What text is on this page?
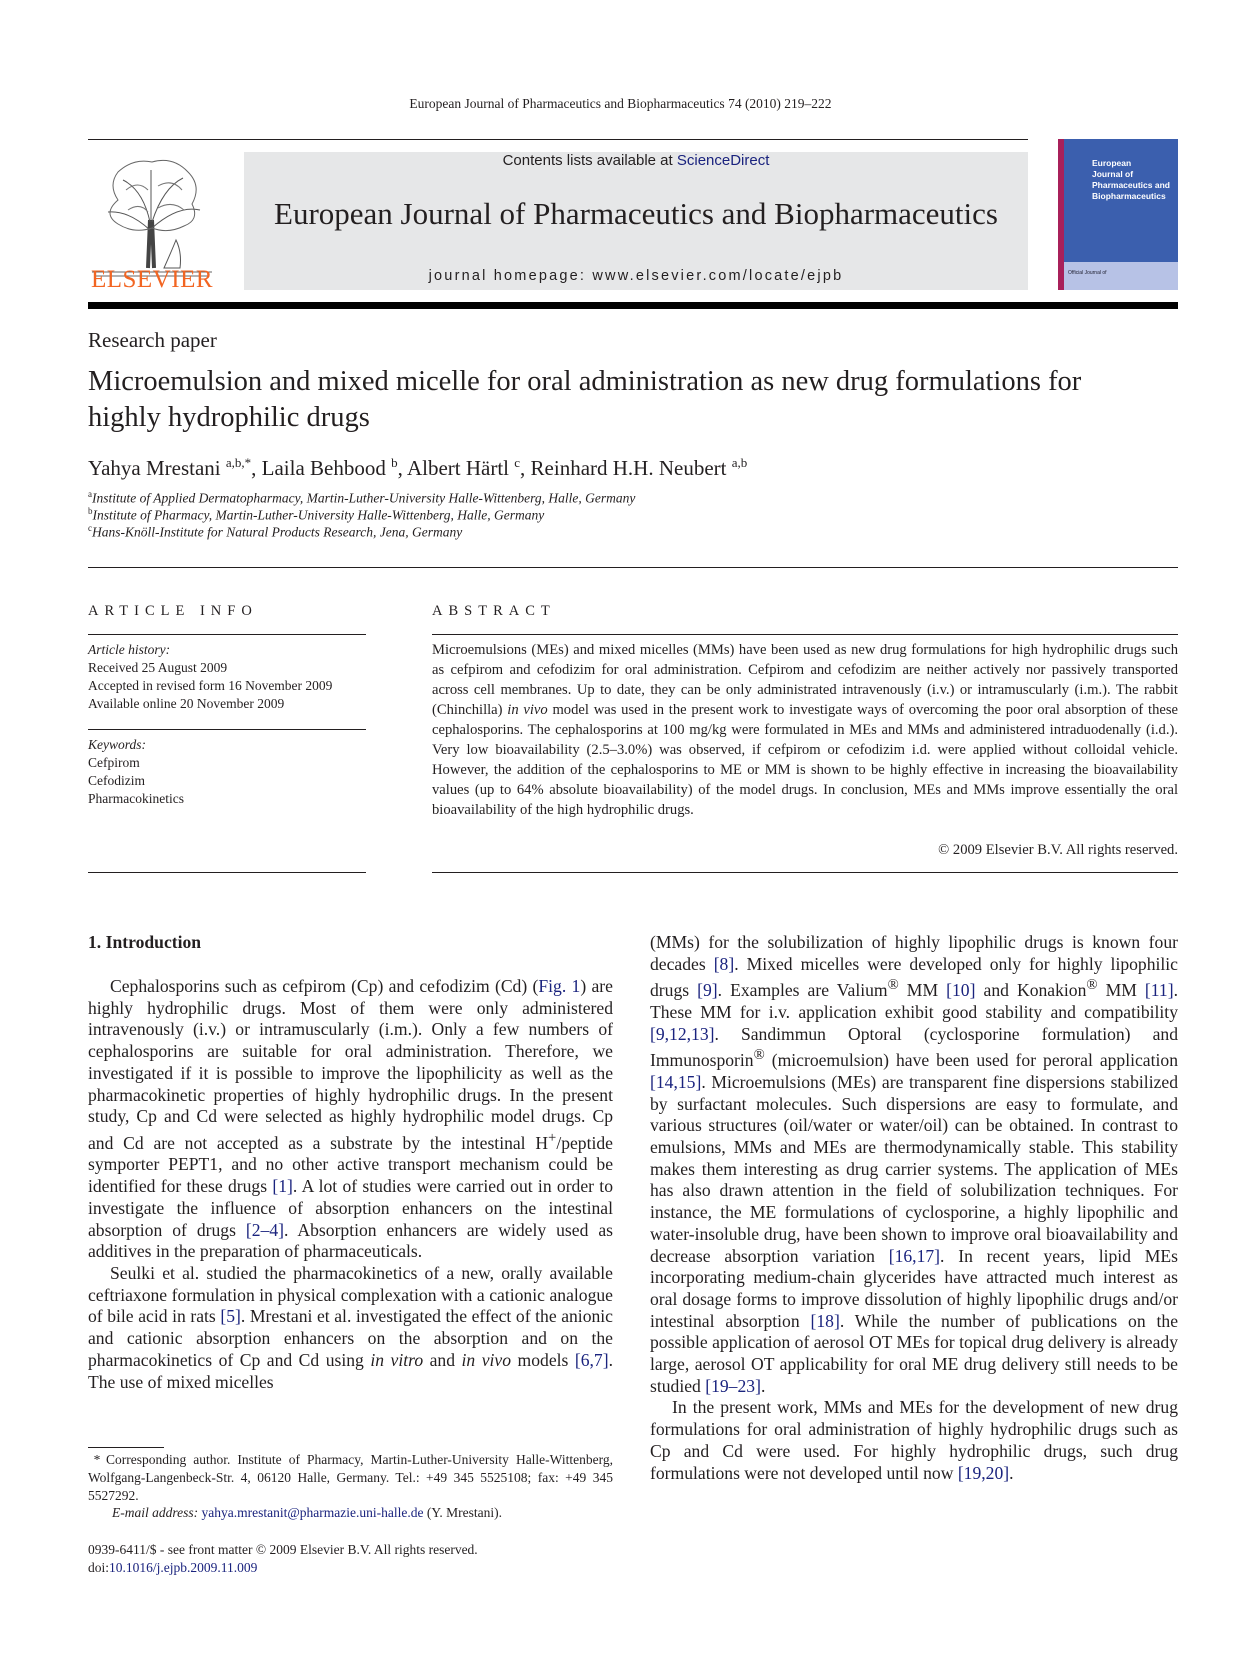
European Journal of Pharmaceutics and Biopharmaceutics 74 (2010) 219–222
ELSEVIER
Contents lists available at ScienceDirect
European Journal of Pharmaceutics and Biopharmaceutics
journal homepage: www.elsevier.com/locate/ejpb
European
Journal of
Pharmaceutics and
Biopharmaceutics
Official Journal of
Research paper
Microemulsion and mixed micelle for oral administration as new drug formulations for highly hydrophilic drugs
Yahya Mrestani $^{a,b,*}$, Laila Behbood $^b$, Albert Härtl $^c$, Reinhard H.H. Neubert $^{a,b}$
$^a$Institute of Applied Dermatopharmacy, Martin-Luther-University Halle-Wittenberg, Halle, Germany
$^b$Institute of Pharmacy, Martin-Luther-University Halle-Wittenberg, Halle, Germany
$^c$Hans-Knöll-Institute for Natural Products Research, Jena, Germany
ARTICLE INFO
Article history:
Received 25 August 2009
Accepted in revised form 16 November 2009
Available online 20 November 2009
Keywords:
Cefpirom
Cefodizim
Pharmacokinetics
ABSTRACT
Microemulsions (MEs) and mixed micelles (MMs) have been used as new drug formulations for high hydrophilic drugs such as cefpirom and cefodizim for oral administration. Cefpirom and cefodizim are neither actively nor passively transported across cell membranes. Up to date, they can be only administrated intravenously (i.v.) or intramuscularly (i.m.). The rabbit (Chinchilla) in vivo model was used in the present work to investigate ways of overcoming the poor oral absorption of these cephalosporins. The cephalosporins at 100 mg/kg were formulated in MEs and MMs and administered intraduodenally (i.d.). Very low bioavailability (2.5–3.0%) was observed, if cefpirom or cefodizim i.d. were applied without colloidal vehicle. However, the addition of the cephalosporins to ME or MM is shown to be highly effective in increasing the bioavailability values (up to 64% absolute bioavailability) of the model drugs. In conclusion, MEs and MMs improve essentially the oral bioavailability of the high hydrophilic drugs.
© 2009 Elsevier B.V. All rights reserved.
1. Introduction

Cephalosporins such as cefpirom (Cp) and cefodizim (Cd) (Fig. 1) are highly hydrophilic drugs. Most of them were only administered intravenously (i.v.) or intramuscularly (i.m.). Only a few numbers of cephalosporins are suitable for oral administration. Therefore, we investigated if it is possible to improve the lipophilicity as well as the pharmacokinetic properties of highly hydrophilic drugs. In the present study, Cp and Cd were selected as highly hydrophilic model drugs. Cp and Cd are not accepted as a substrate by the intestinal H+/peptide symporter PEPT1, and no other active transport mechanism could be identified for these drugs [1]. A lot of studies were carried out in order to investigate the influence of absorption enhancers on the intestinal absorption of drugs [2–4]. Absorption enhancers are widely used as additives in the preparation of pharmaceuticals.

Seulki et al. studied the pharmacokinetics of a new, orally available ceftriaxone formulation in physical complexation with a cationic analogue of bile acid in rats [5]. Mrestani et al. investigated the effect of the anionic and cationic absorption enhancers on the absorption and on the pharmacokinetics of Cp and Cd using in vitro and in vivo models [6,7]. The use of mixed micelles

(MMs) for the solubilization of highly lipophilic drugs is known four decades [8]. Mixed micelles were developed only for highly lipophilic drugs [9]. Examples are Valium® MM [10] and Konakion® MM [11]. These MM for i.v. application exhibit good stability and compatibility [9,12,13]. Sandimmun Optoral (cyclosporine formulation) and Immunosporin® (microemulsion) have been used for peroral application [14,15]. Microemulsions (MEs) are transparent fine dispersions stabilized by surfactant molecules. Such dispersions are easy to formulate, and various structures (oil/water or water/oil) can be obtained. In contrast to emulsions, MMs and MEs are thermodynamically stable. This stability makes them interesting as drug carrier systems. The application of MEs has also drawn attention in the field of solubilization techniques. For instance, the ME formulations of cyclosporine, a highly lipophilic and water-insoluble drug, have been shown to improve oral bioavailability and decrease absorption variation [16,17]. In recent years, lipid MEs incorporating medium-chain glycerides have attracted much interest as oral dosage forms to improve dissolution of highly lipophilic drugs and/or intestinal absorption [18]. While the number of publications on the possible application of aerosol OT MEs for topical drug delivery is already large, aerosol OT applicability for oral ME drug delivery still needs to be studied [19–23].

In the present work, MMs and MEs for the development of new drug formulations for oral administration of highly hydrophilic drugs such as Cp and Cd were used. For highly hydrophilic drugs, such drug formulations were not developed until now [19,20].

* Corresponding author. Institute of Pharmacy, Martin-Luther-University Halle-Wittenberg, Wolfgang-Langenbeck-Str. 4, 06120 Halle, Germany. Tel.: +49 345 5525108; fax: +49 345 5527292.
E-mail address: yahya.mrestanit@pharmazie.uni-halle.de (Y. Mrestani).
0939-6411/$ - see front matter © 2009 Elsevier B.V. All rights reserved.
doi:10.1016/j.ejpb.2009.11.009
